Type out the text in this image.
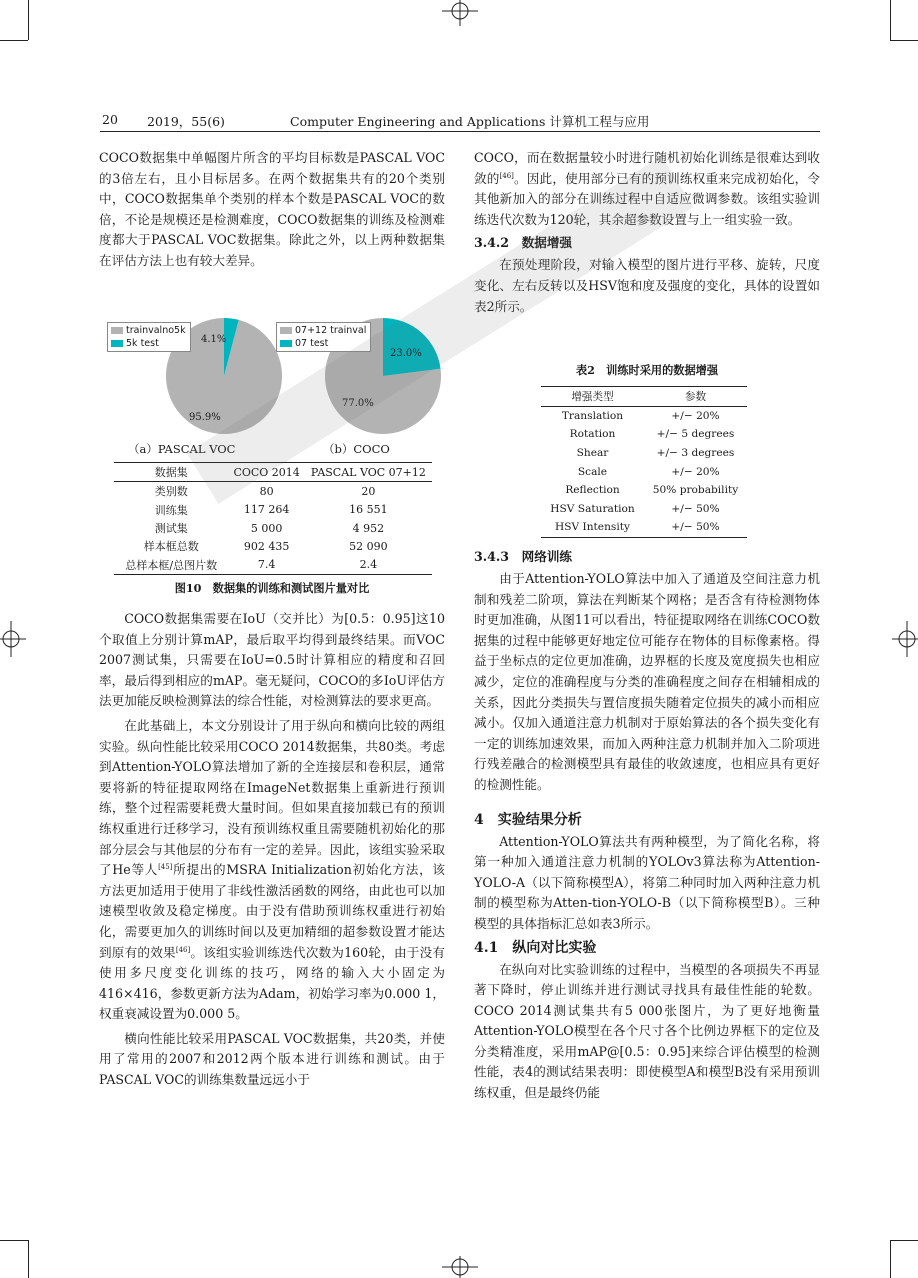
20 2019，55(6)	Computer Engineering and Applications 计算机工程与应用

COCO数据集中单幅图片所含的平均目标数是PASCAL VOC的3倍左右，且小目标居多。在两个数据集共有的20个类别中，COCO数据集单个类别的样本个数是PASCAL VOC的数倍，不论是规模还是检测难度，COCO数据集的训练及检测难度都大于PASCAL VOC数据集。除此之外，以上两种数据集在评估方法上也有较大差异。

trainvalno5k
5k test
07+12 trainval
07 test
4.1%
95.9%
23.0%
77.0%
（a）PASCAL VOC	（b）COCO
数据集	COCO 2014	PASCAL VOC 07+12
类别数	80	20
训练集	117 264	16 551
测试集	5 000	4 952
样本框总数	902 435	52 090
总样本框/总图片数	7.4	2.4
图10　数据集的训练和测试图片量对比

COCO数据集需要在IoU（交并比）为[0.5：0.95]这10个取值上分别计算mAP，最后取平均得到最终结果。而VOC 2007测试集，只需要在IoU=0.5时计算相应的精度和召回率，最后得到相应的mAP。毫无疑问，COCO的多IoU评估方法更加能反映检测算法的综合性能，对检测算法的要求更高。

在此基础上，本文分别设计了用于纵向和横向比较的两组实验。纵向性能比较采用COCO 2014数据集，共80类。考虑到Attention-YOLO算法增加了新的全连接层和卷积层，通常要将新的特征提取网络在ImageNet数据集上重新进行预训练，整个过程需要耗费大量时间。但如果直接加载已有的预训练权重进行迁移学习，没有预训练权重且需要随机初始化的那部分层会与其他层的分布有一定的差异。因此，该组实验采取了He等人[45]所提出的MSRA Initialization初始化方法，该方法更加适用于使用了非线性激活函数的网络，由此也可以加速模型收敛及稳定梯度。由于没有借助预训练权重进行初始化，需要更加久的训练时间以及更加精细的超参数设置才能达到原有的效果[46]。该组实验训练迭代次数为160轮，由于没有使用多尺度变化训练的技巧，网络的输入大小固定为416×416，参数更新方法为Adam，初始学习率为0.000 1，权重衰减设置为0.000 5。

横向性能比较采用PASCAL VOC数据集，共20类，并使用了常用的2007和2012两个版本进行训练和测试。由于PASCAL VOC的训练集数量远远小于

COCO，而在数据量较小时进行随机初始化训练是很难达到收敛的[46]。因此，使用部分已有的预训练权重来完成初始化，令其他新加入的部分在训练过程中自适应微调参数。该组实验训练迭代次数为120轮，其余超参数设置与上一组实验一致。

3.4.2　数据增强

在预处理阶段，对输入模型的图片进行平移、旋转，尺度变化、左右反转以及HSV饱和度及强度的变化，具体的设置如表2所示。

表2　训练时采用的数据增强
增强类型	参数
Translation	+/− 20%
Rotation	+/− 5 degrees
Shear	+/− 3 degrees
Scale	+/− 20%
Reflection	50% probability
HSV Saturation	+/− 50%
HSV Intensity	+/− 50%

3.4.3　网络训练

由于Attention-YOLO算法中加入了通道及空间注意力机制和残差二阶项，算法在判断某个网格；是否含有待检测物体时更加准确，从图11可以看出，特征提取网络在训练COCO数据集的过程中能够更好地定位可能存在物体的目标像素格。得益于坐标点的定位更加准确，边界框的长度及宽度损失也相应减少，定位的准确程度与分类的准确程度之间存在相辅相成的关系，因此分类损失与置信度损失随着定位损失的减小而相应减小。仅加入通道注意力机制对于原始算法的各个损失变化有一定的训练加速效果，而加入两种注意力机制并加入二阶项进行残差融合的检测模型具有最佳的收敛速度，也相应具有更好的检测性能。

4　实验结果分析

Attention-YOLO算法共有两种模型，为了简化名称，将第一种加入通道注意力机制的YOLOv3算法称为Attention-YOLO-A（以下简称模型A），将第二种同时加入两种注意力机制的模型称为Atten-tion-YOLO-B（以下简称模型B）。三种模型的具体指标汇总如表3所示。

4.1　纵向对比实验

在纵向对比实验训练的过程中，当模型的各项损失不再显著下降时，停止训练并进行测试寻找具有最佳性能的轮数。COCO 2014测试集共有5 000张图片，为了更好地衡量Attention-YOLO模型在各个尺寸各个比例边界框下的定位及分类精准度，采用mAP@[0.5：0.95]来综合评估模型的检测性能，表4的测试结果表明：即使模型A和模型B没有采用预训练权重，但是最终仍能
